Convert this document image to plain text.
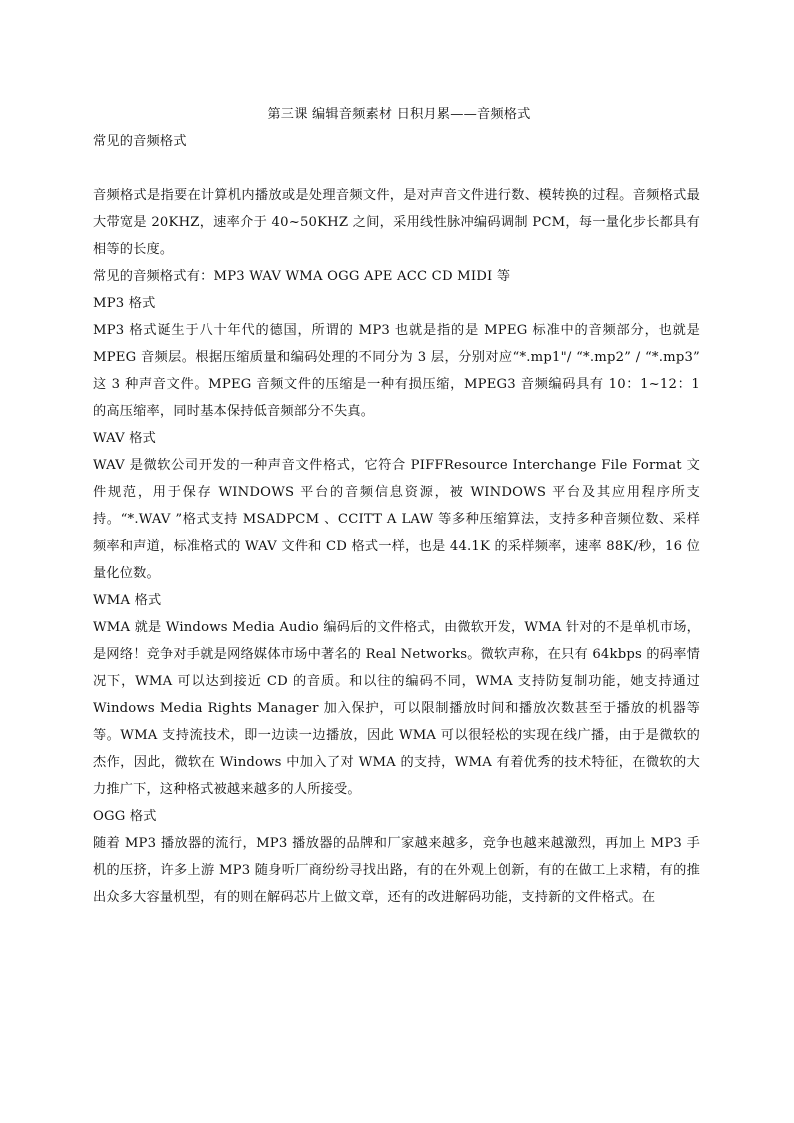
第三课 编辑音频素材 日积月累——音频格式

常见的音频格式

音频格式是指要在计算机内播放或是处理音频文件，是对声音文件进行数、模转换的过程。音频格式最大带宽是 20KHZ，速率介于 40~50KHZ 之间，采用线性脉冲编码调制 PCM，每一量化步长都具有相等的长度。

常见的音频格式有：MP3 WAV WMA OGG APE ACC CD MIDI 等

MP3 格式

MP3 格式诞生于八十年代的德国，所谓的 MP3 也就是指的是 MPEG 标准中的音频部分，也就是 MPEG 音频层。根据压缩质量和编码处理的不同分为 3 层，分别对应“*.mp1"/ “*.mp2” / “*.mp3” 这 3 种声音文件。MPEG 音频文件的压缩是一种有损压缩，MPEG3 音频编码具有 10：1~12：1 的高压缩率，同时基本保持低音频部分不失真。

WAV 格式

WAV 是微软公司开发的一种声音文件格式，它符合 PIFFResource Interchange File Format 文件规范，用于保存 WINDOWS 平台的音频信息资源，被 WINDOWS 平台及其应用程序所支持。“*.WAV ”格式支持 MSADPCM 、CCITT A LAW 等多种压缩算法，支持多种音频位数、采样频率和声道，标准格式的 WAV 文件和 CD 格式一样，也是 44.1K 的采样频率，速率 88K/秒，16 位量化位数。

WMA 格式

WMA 就是 Windows Media Audio 编码后的文件格式，由微软开发，WMA 针对的不是单机市场，是网络！竞争对手就是网络媒体市场中著名的 Real Networks。微软声称，在只有 64kbps 的码率情况下，WMA 可以达到接近 CD 的音质。和以往的编码不同，WMA 支持防复制功能，她支持通过 Windows Media Rights Manager 加入保护，可以限制播放时间和播放次数甚至于播放的机器等等。WMA 支持流技术，即一边读一边播放，因此 WMA 可以很轻松的实现在线广播，由于是微软的杰作，因此，微软在 Windows 中加入了对 WMA 的支持，WMA 有着优秀的技术特征，在微软的大力推广下，这种格式被越来越多的人所接受。

OGG 格式

随着 MP3 播放器的流行，MP3 播放器的品牌和厂家越来越多，竞争也越来越激烈，再加上 MP3 手机的压挤，许多上游 MP3 随身听厂商纷纷寻找出路，有的在外观上创新，有的在做工上求精，有的推出众多大容量机型，有的则在解码芯片上做文章，还有的改进解码功能，支持新的文件格式。在
